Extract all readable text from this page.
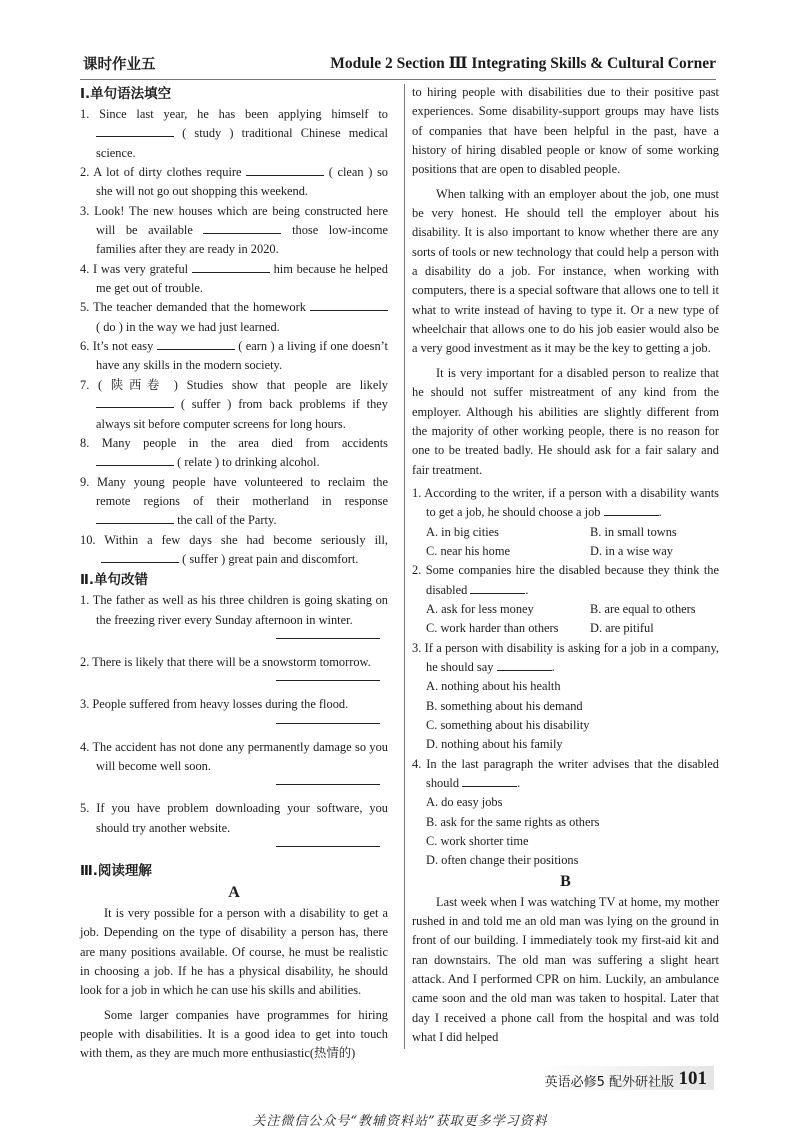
课时作业五	Module 2 Section Ⅲ Integrating Skills & Cultural Corner
Ⅰ.单句语法填空
1. Since last year, he has been applying himself to  ( study ) traditional Chinese medical science.
2. A lot of dirty clothes require	( clean ) so she will not go out shopping this weekend.
3. Look! The new houses which are being constructed here will be available	those low-income families after they are ready in 2020.
4. I was very grateful	him because he helped me get out of trouble.
5. The teacher demanded that the homework  ( do ) in the way we had just learned.
6. It’s not easy	( earn ) a living if one doesn’t have any skills in the modern society.
7. ( 陕西卷 ) Studies show that people are likely  ( suffer ) from back problems if they always sit before computer screens for long hours.
8. Many people in the area died from accidents  ( relate ) to drinking alcohol.
9. Many young people have volunteered to reclaim the remote regions of their motherland in response  the call of the Party.
10. Within a few days she had become seriously ill,  ( suffer ) great pain and discomfort.
Ⅱ.单句改错
1. The father as well as his three children is going skating on the freezing river every Sunday afternoon in winter.
2. There is likely that there will be a snowstorm tomorrow.
3. People suffered from heavy losses during the flood.
4. The accident has not done any permanently damage so you will become well soon.
5. If you have problem downloading your software, you should try another website.
Ⅲ.阅读理解
A

It is very possible for a person with a disability to get a job. Depending on the type of disability a person has, there are many positions available. Of course, he must be realistic in choosing a job. If he has a physical disability, he should look for a job in which he can use his skills and abilities.

Some larger companies have programmes for hiring people with disabilities. It is a good idea to get into touch with them, as they are much more enthusiastic(热情的)

to hiring people with disabilities due to their positive past experiences. Some disability-support groups may have lists of companies that have been helpful in the past, have a history of hiring disabled people or know of some working positions that are open to disabled people.

When talking with an employer about the job, one must be very honest. He should tell the employer about his disability. It is also important to know whether there are any sorts of tools or new technology that could help a person with a disability do a job. For instance, when working with computers, there is a special software that allows one to tell it what to write instead of having to type it. Or a new type of wheelchair that allows one to do his job easier would also be a very good investment as it may be the key to getting a job.

It is very important for a disabled person to realize that he should not suffer mistreatment of any kind from the employer. Although his abilities are slightly different from the majority of other working people, there is no reason for one to be treated badly. He should ask for a fair salary and fair treatment.

1. According to the writer, if a person with a disability wants to get a job, he should choose a job	.
A. in big cities	B. in small towns
C. near his home	D. in a wise way
2. Some companies hire the disabled because they think the disabled	.
A. ask for less money	B. are equal to others
C. work harder than others	D. are pitiful
3. If a person with disability is asking for a job in a company, he should say	.
A. nothing about his health
B. something about his demand
C. something about his disability
D. nothing about his family
4. In the last paragraph the writer advises that the disabled should	.
A. do easy jobs
B. ask for the same rights as others
C. work shorter time
D. often change their positions
B

Last week when I was watching TV at home, my mother rushed in and told me an old man was lying on the ground in front of our building. I immediately took my first-aid kit and ran downstairs. The old man was suffering a slight heart attack. And I performed CPR on him. Luckily, an ambulance came soon and the old man was taken to hospital. Later that day I received a phone call from the hospital and was told what I did helped

英语必修5 配外研社版 101
关注微信公众号“教辅资料站”获取更多学习资料
